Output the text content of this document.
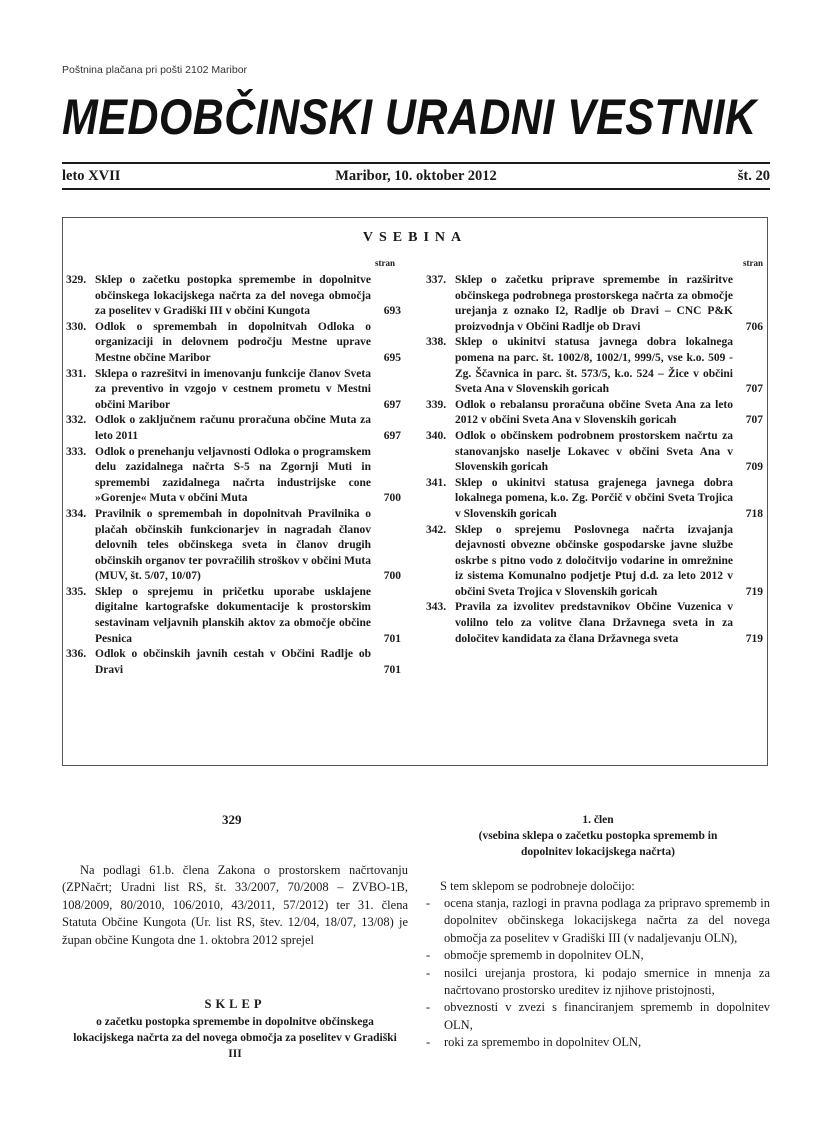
Poštnina plačana pri pošti 2102 Maribor
MEDOBČINSKI URADNI VESTNIK
leto XVII	Maribor, 10. oktober 2012	št. 20
VSEBINA
stran	stran
329. Sklep o začetku postopka spremembe in dopolnitve občinskega lokacijskega načrta za del novega območja za poselitev v Gradiški III v občini Kungota	693
330. Odlok o spremembah in dopolnitvah Odloka o organizaciji in delovnem področju Mestne uprave Mestne občine Maribor	695
331. Sklepa o razrešitvi in imenovanju funkcije članov Sveta za preventivo in vzgojo v cestnem prometu v Mestni občini Maribor	697
332. Odlok o zaključnem računu proračuna občine Muta za leto 2011	697
333. Odlok o prenehanju veljavnosti Odloka o programskem delu zazidalnega načrta S-5 na Zgornji Muti in spremembi zazidalnega načrta industrijske cone »Gorenje« Muta v občini Muta	700
334. Pravilnik o spremembah in dopolnitvah Pravilnika o plačah občinskih funkcionarjev in nagradah članov delovnih teles občinskega sveta in članov drugih občinskih organov ter povračilih stroškov v občini Muta (MUV, št. 5/07, 10/07)	700
335. Sklep o sprejemu in pričetku uporabe usklajene digitalne kartografske dokumentacije k prostorskim sestavinam veljavnih planskih aktov za območje občine Pesnica	701
336. Odlok o občinskih javnih cestah v Občini Radlje ob Dravi	701
337. Sklep o začetku priprave spremembe in razširitve občinskega podrobnega prostorskega načrta za območje urejanja z oznako I2, Radlje ob Dravi – CNC P&K proizvodnja v Občini Radlje ob Dravi	706
338. Sklep o ukinitvi statusa javnega dobra lokalnega pomena na parc. št. 1002/8, 1002/1, 999/5, vse k.o. 509 - Zg. Ščavnica in parc. št. 573/5, k.o. 524 – Žice v občini Sveta Ana v Slovenskih goricah	707
339. Odlok o rebalansu proračuna občine Sveta Ana za leto 2012 v občini Sveta Ana v Slovenskih goricah	707
340. Odlok o občinskem podrobnem prostorskem načrtu za stanovanjsko naselje Lokavec v občini Sveta Ana v Slovenskih goricah	709
341. Sklep o ukinitvi statusa grajenega javnega dobra lokalnega pomena, k.o. Zg. Porčič v občini Sveta Trojica v Slovenskih goricah	718
342. Sklep o sprejemu Poslovnega načrta izvajanja dejavnosti obvezne občinske gospodarske javne službe oskrbe s pitno vodo z določitvijo vodarine in omrežnine iz sistema Komunalno podjetje Ptuj d.d. za leto 2012 v občini Sveta Trojica v Slovenskih goricah	719
343. Pravila za izvolitev predstavnikov Občine Vuzenica v volilno telo za volitve člana Državnega sveta in za določitev kandidata za člana Državnega sveta	719
329
Na podlagi 61.b. člena Zakona o prostorskem načrtovanju (ZPNačrt; Uradni list RS, št. 33/2007, 70/2008 – ZVBO-1B, 108/2009, 80/2010, 106/2010, 43/2011, 57/2012) ter 31. člena Statuta Občine Kungota (Ur. list RS, štev. 12/04, 18/07, 13/08) je župan občine Kungota dne 1. oktobra 2012 sprejel
SKLEP
o začetku postopka spremembe in dopolnitve občinskega lokacijskega načrta za del novega območja za poselitev v Gradiški III
1. člen
(vsebina sklepa o začetku postopka sprememb in dopolnitev lokacijskega načrta)
S tem sklepom se podrobneje določijo:
- ocena stanja, razlogi in pravna podlaga za pripravo sprememb in dopolnitev občinskega lokacijskega načrta za del novega območja za poselitev v Gradiški III (v nadaljevanju OLN),
- območje sprememb in dopolnitev OLN,
- nosilci urejanja prostora, ki podajo smernice in mnenja za načrtovano prostorsko ureditev iz njihove pristojnosti,
- obveznosti v zvezi s financiranjem sprememb in dopolnitev OLN,
- roki za spremembo in dopolnitev OLN,
